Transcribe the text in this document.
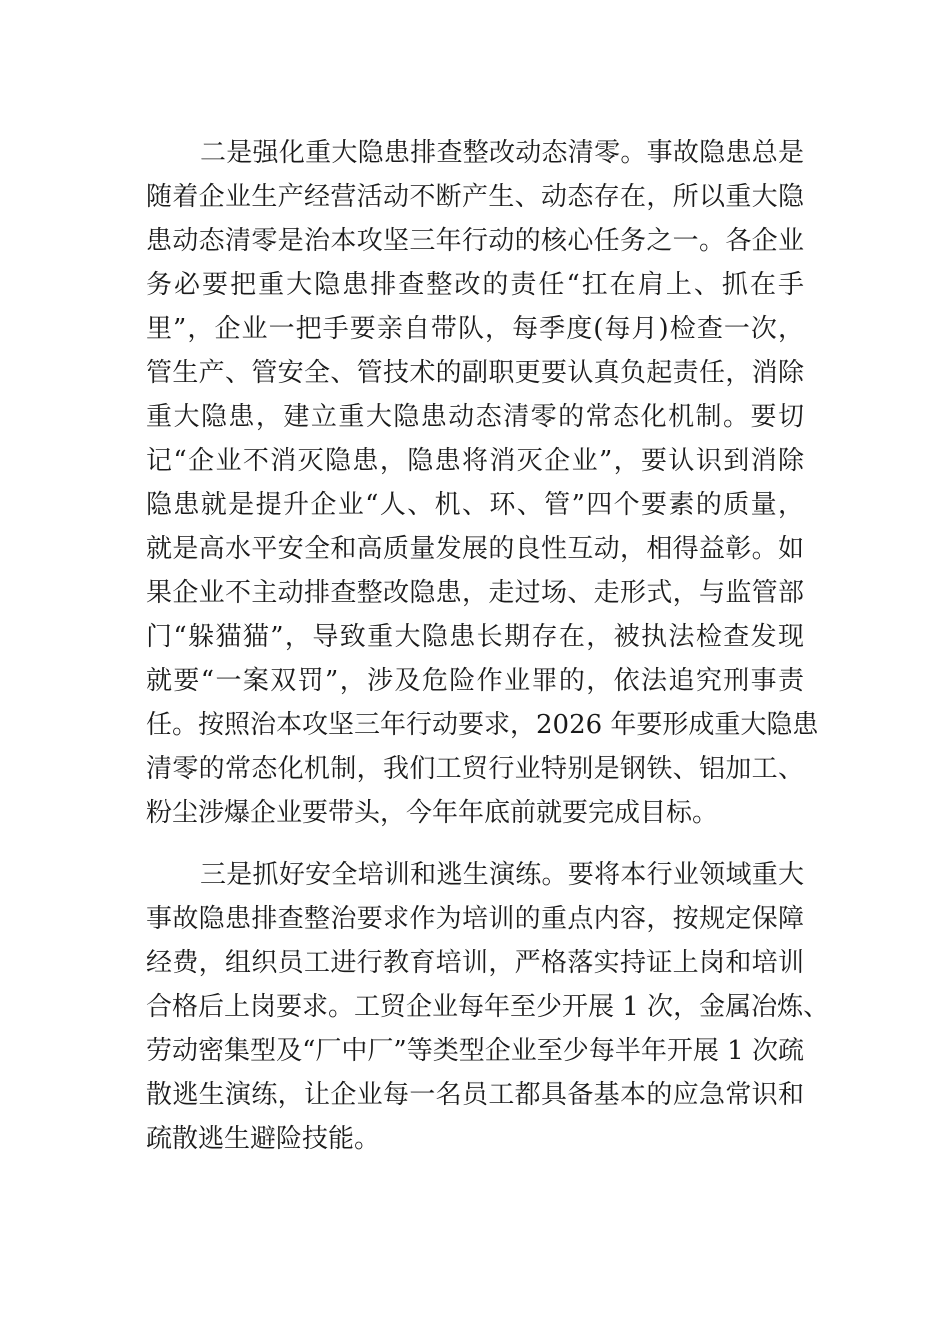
二是强化重大隐患排查整改动态清零。事故隐患总是
随着企业生产经营活动不断产生、动态存在，所以重大隐
患动态清零是治本攻坚三年行动的核心任务之一。各企业
务必要把重大隐患排查整改的责任“扛在肩上、抓在手
里”，企业一把手要亲自带队，每季度(每月)检查一次，
管生产、管安全、管技术的副职更要认真负起责任，消除
重大隐患，建立重大隐患动态清零的常态化机制。要切
记“企业不消灭隐患，隐患将消灭企业”，要认识到消除
隐患就是提升企业“人、机、环、管”四个要素的质量，
就是高水平安全和高质量发展的良性互动，相得益彰。如
果企业不主动排查整改隐患，走过场、走形式，与监管部
门“躲猫猫”，导致重大隐患长期存在，被执法检查发现
就要“一案双罚”，涉及危险作业罪的，依法追究刑事责
任。按照治本攻坚三年行动要求，2026 年要形成重大隐患
清零的常态化机制，我们工贸行业特别是钢铁、铝加工、
粉尘涉爆企业要带头，今年年底前就要完成目标。
三是抓好安全培训和逃生演练。要将本行业领域重大
事故隐患排查整治要求作为培训的重点内容，按规定保障
经费，组织员工进行教育培训，严格落实持证上岗和培训
合格后上岗要求。工贸企业每年至少开展 1 次，金属冶炼、
劳动密集型及“厂中厂”等类型企业至少每半年开展 1 次疏
散逃生演练，让企业每一名员工都具备基本的应急常识和
疏散逃生避险技能。
